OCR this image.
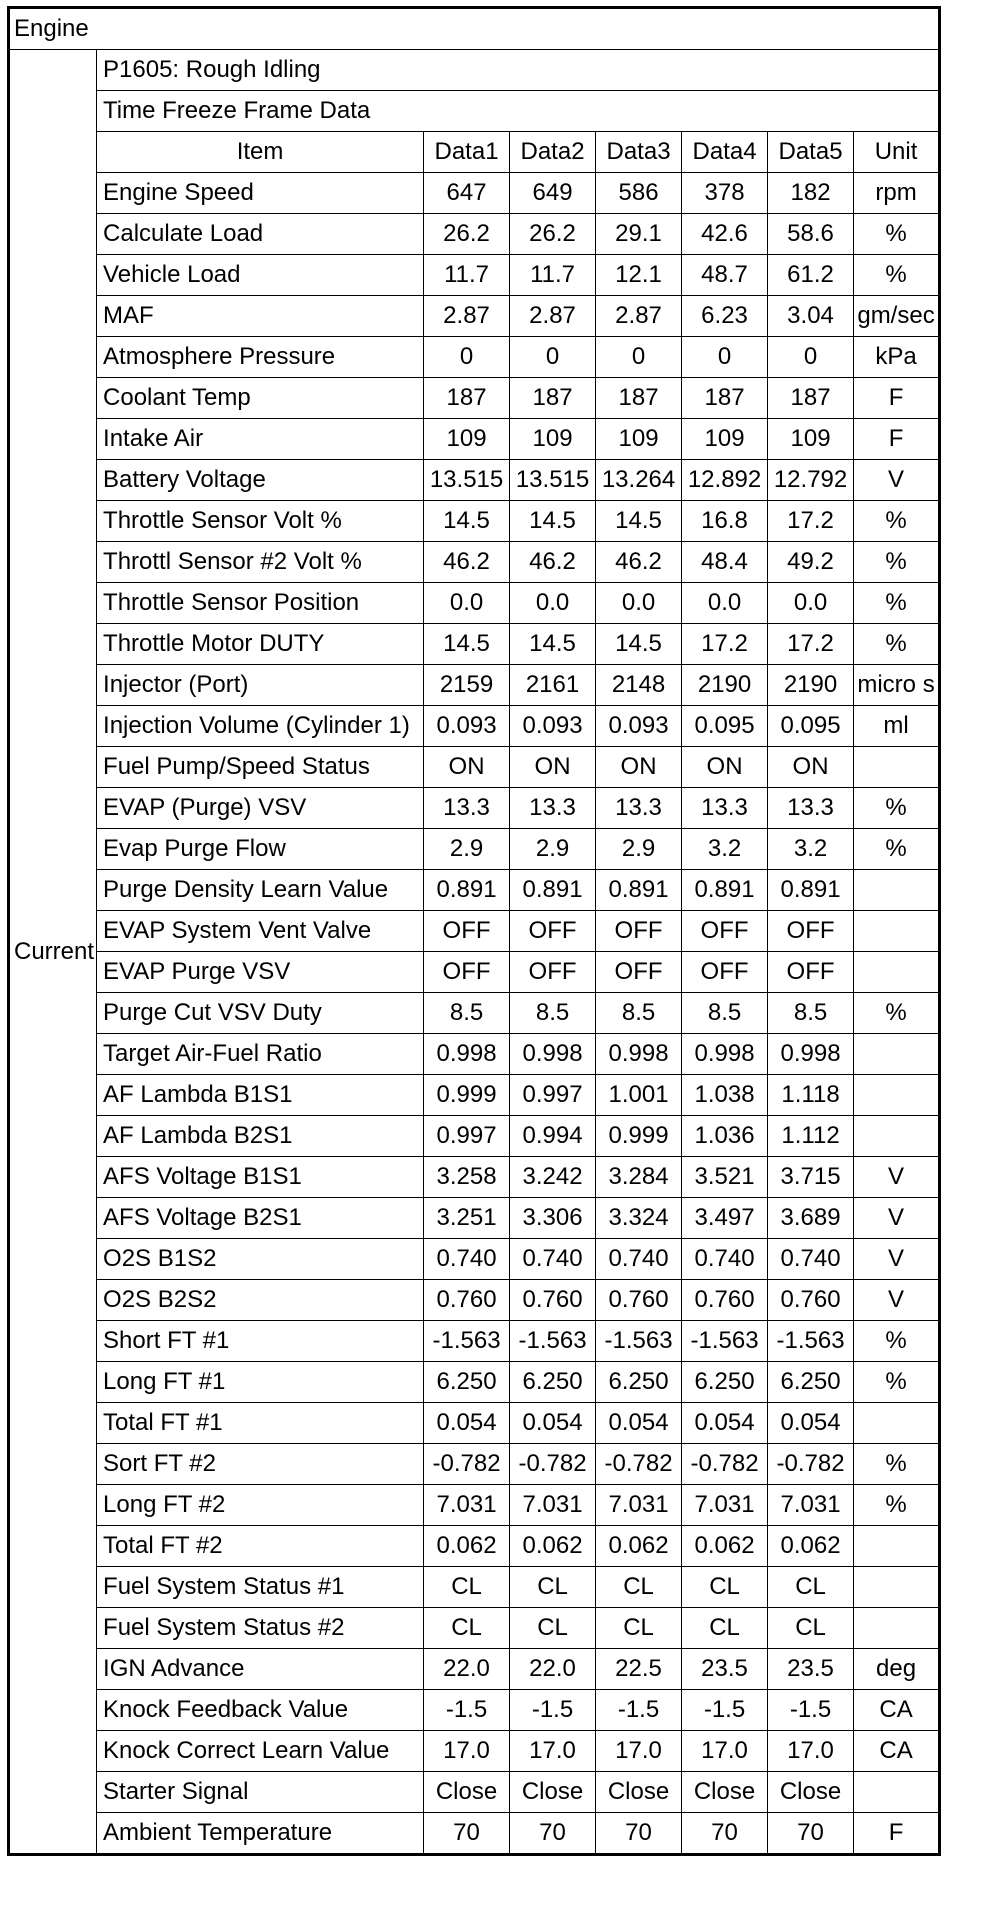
Engine							
Current	P1605: Rough Idling						
	Time Freeze Frame Data						
	Item	Data1	Data2	Data3	Data4	Data5	Unit
	Engine Speed	647	649	586	378	182	rpm
	Calculate Load	26.2	26.2	29.1	42.6	58.6	%
	Vehicle Load	11.7	11.7	12.1	48.7	61.2	%
	MAF	2.87	2.87	2.87	6.23	3.04	gm/sec
	Atmosphere Pressure	0	0	0	0	0	kPa
	Coolant Temp	187	187	187	187	187	F
	Intake Air	109	109	109	109	109	F
	Battery Voltage	13.515	13.515	13.264	12.892	12.792	V
	Throttle Sensor Volt %	14.5	14.5	14.5	16.8	17.2	%
	Throttl Sensor #2 Volt %	46.2	46.2	46.2	48.4	49.2	%
	Throttle Sensor Position	0.0	0.0	0.0	0.0	0.0	%
	Throttle Motor DUTY	14.5	14.5	14.5	17.2	17.2	%
	Injector (Port)	2159	2161	2148	2190	2190	micro s
	Injection Volume (Cylinder 1)	0.093	0.093	0.093	0.095	0.095	ml
	Fuel Pump/Speed Status	ON	ON	ON	ON	ON	
	EVAP (Purge) VSV	13.3	13.3	13.3	13.3	13.3	%
	Evap Purge Flow	2.9	2.9	2.9	3.2	3.2	%
	Purge Density Learn Value	0.891	0.891	0.891	0.891	0.891	
	EVAP System Vent Valve	OFF	OFF	OFF	OFF	OFF	
	EVAP Purge VSV	OFF	OFF	OFF	OFF	OFF	
	Purge Cut VSV Duty	8.5	8.5	8.5	8.5	8.5	%
	Target Air-Fuel Ratio	0.998	0.998	0.998	0.998	0.998	
	AF Lambda B1S1	0.999	0.997	1.001	1.038	1.118	
	AF Lambda B2S1	0.997	0.994	0.999	1.036	1.112	
	AFS Voltage B1S1	3.258	3.242	3.284	3.521	3.715	V
	AFS Voltage B2S1	3.251	3.306	3.324	3.497	3.689	V
	O2S B1S2	0.740	0.740	0.740	0.740	0.740	V
	O2S B2S2	0.760	0.760	0.760	0.760	0.760	V
	Short FT #1	-1.563	-1.563	-1.563	-1.563	-1.563	%
	Long FT #1	6.250	6.250	6.250	6.250	6.250	%
	Total FT #1	0.054	0.054	0.054	0.054	0.054	
	Sort FT #2	-0.782	-0.782	-0.782	-0.782	-0.782	%
	Long FT #2	7.031	7.031	7.031	7.031	7.031	%
	Total FT #2	0.062	0.062	0.062	0.062	0.062	
	Fuel System Status #1	CL	CL	CL	CL	CL	
	Fuel System Status #2	CL	CL	CL	CL	CL	
	IGN Advance	22.0	22.0	22.5	23.5	23.5	deg
	Knock Feedback Value	-1.5	-1.5	-1.5	-1.5	-1.5	CA
	Knock Correct Learn Value	17.0	17.0	17.0	17.0	17.0	CA
	Starter Signal	Close	Close	Close	Close	Close	
	Ambient Temperature	70	70	70	70	70	F
